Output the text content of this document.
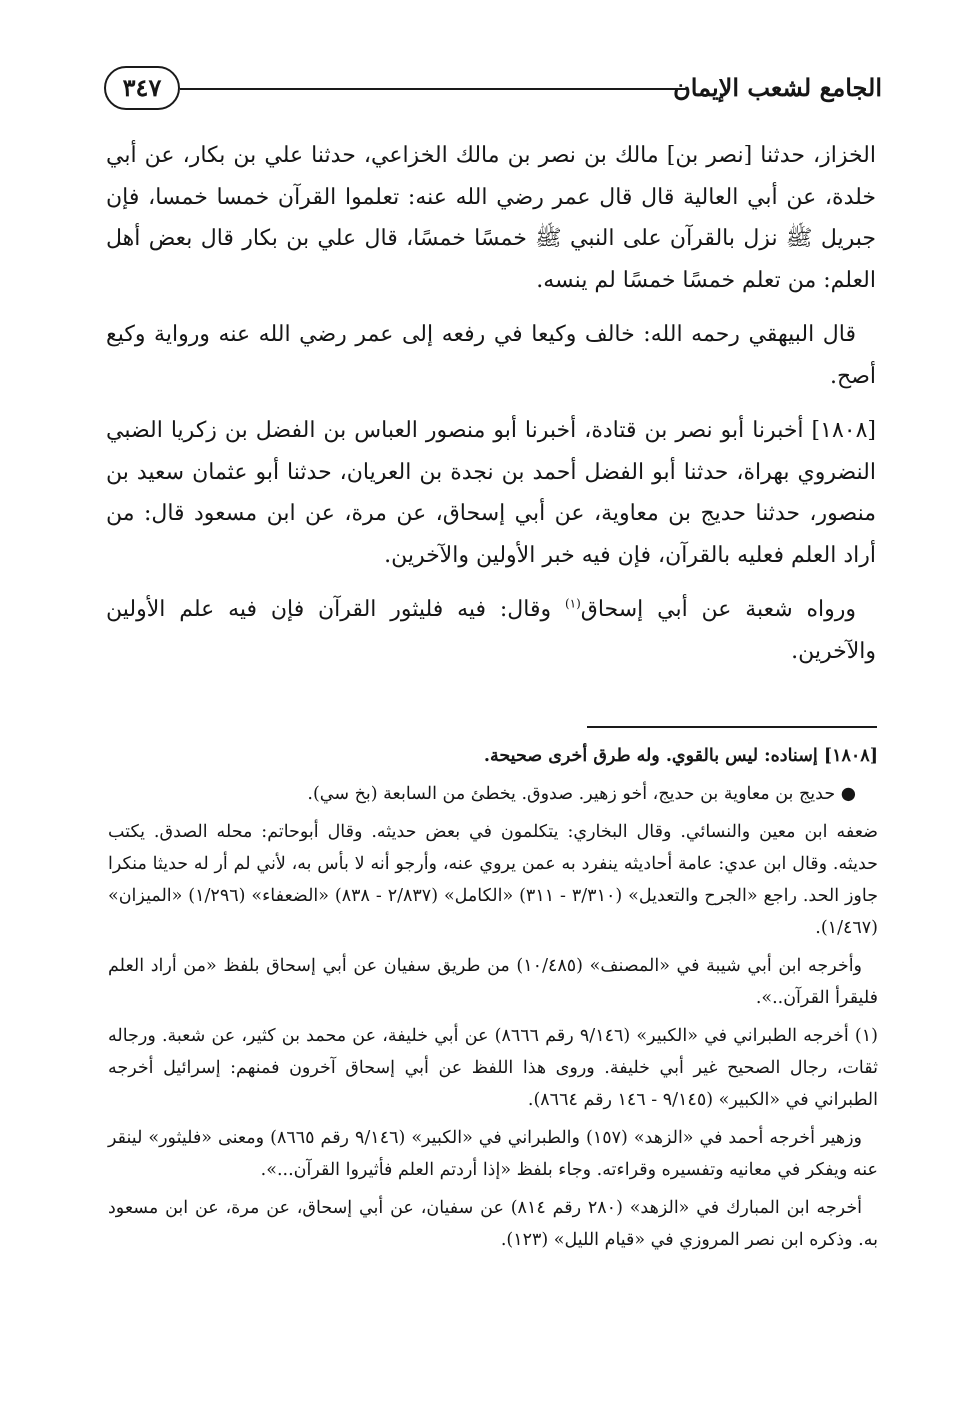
٣٤٧	الجامع لشعب الإيمان

الخزاز، حدثنا [نصر بن] مالك بن نصر بن مالك الخزاعي، حدثنا علي بن بكار، عن أبي خلدة، عن أبي العالية قال قال عمر رضي الله عنه: تعلموا القرآن خمسا خمسا، فإن جبريل ﷺ نزل بالقرآن على النبي ﷺ خمسًا خمسًا، قال علي بن بكار قال بعض أهل العلم: من تعلم خمسًا خمسًا لم ينسه.

قال البيهقي رحمه الله: خالف وكيعا في رفعه إلى عمر رضي الله عنه ورواية وكيع أصح.

[١٨٠٨] أخبرنا أبو نصر بن قتادة، أخبرنا أبو منصور العباس بن الفضل بن زكريا الضبي النضروي بهراة، حدثنا أبو الفضل أحمد بن نجدة بن العريان، حدثنا أبو عثمان سعيد بن منصور، حدثنا حديج بن معاوية، عن أبي إسحاق، عن مرة، عن ابن مسعود قال: من أراد العلم فعليه بالقرآن، فإن فيه خبر الأولين والآخرين.

ورواه شعبة عن أبي إسحاق$^{(١)}$ وقال: فيه فليثور القرآن فإن فيه علم الأولين والآخرين.

[١٨٠٨] إسناده: ليس بالقوي. وله طرق أخرى صحيحة.
● حديج بن معاوية بن حديج، أخو زهير. صدوق. يخطئ من السابعة (بخ سي).
ضعفه ابن معين والنسائي. وقال البخاري: يتكلمون في بعض حديثه. وقال أبوحاتم: محله الصدق. يكتب حديثه. وقال ابن عدي: عامة أحاديثه ينفرد به عمن يروي عنه، وأرجو أنه لا بأس به، لأني لم أر له حديثا منكرا جاوز الحد. راجع «الجرح والتعديل» (٣/٣١٠ - ٣١١) «الكامل» (٢/٨٣٧ - ٨٣٨) «الضعفاء» (١/٢٩٦) «الميزان» (١/٤٦٧).
وأخرجه ابن أبي شيبة في «المصنف» (١٠/٤٨٥) من طريق سفيان عن أبي إسحاق بلفظ «من أراد العلم فليقرأ القرآن..».
(١) أخرجه الطبراني في «الكبير» (٩/١٤٦ رقم ٨٦٦٦) عن أبي خليفة، عن محمد بن كثير، عن شعبة. ورجاله ثقات، رجال الصحيح غير أبي خليفة. وروى هذا اللفظ عن أبي إسحاق آخرون فمنهم: إسرائيل أخرجه الطبراني في «الكبير» (٩/١٤٥ - ١٤٦ رقم ٨٦٦٤).
وزهير أخرجه أحمد في «الزهد» (١٥٧) والطبراني في «الكبير» (٩/١٤٦ رقم ٨٦٦٥) ومعنى «فليثور» لينقر عنه ويفكر في معانيه وتفسيره وقراءته. وجاء بلفظ «إذا أردتم العلم فأثيروا القرآن...».
أخرجه ابن المبارك في «الزهد» (٢٨٠ رقم ٨١٤) عن سفيان، عن أبي إسحاق، عن مرة، عن ابن مسعود به. وذكره ابن نصر المروزي في «قيام الليل» (١٢٣).
